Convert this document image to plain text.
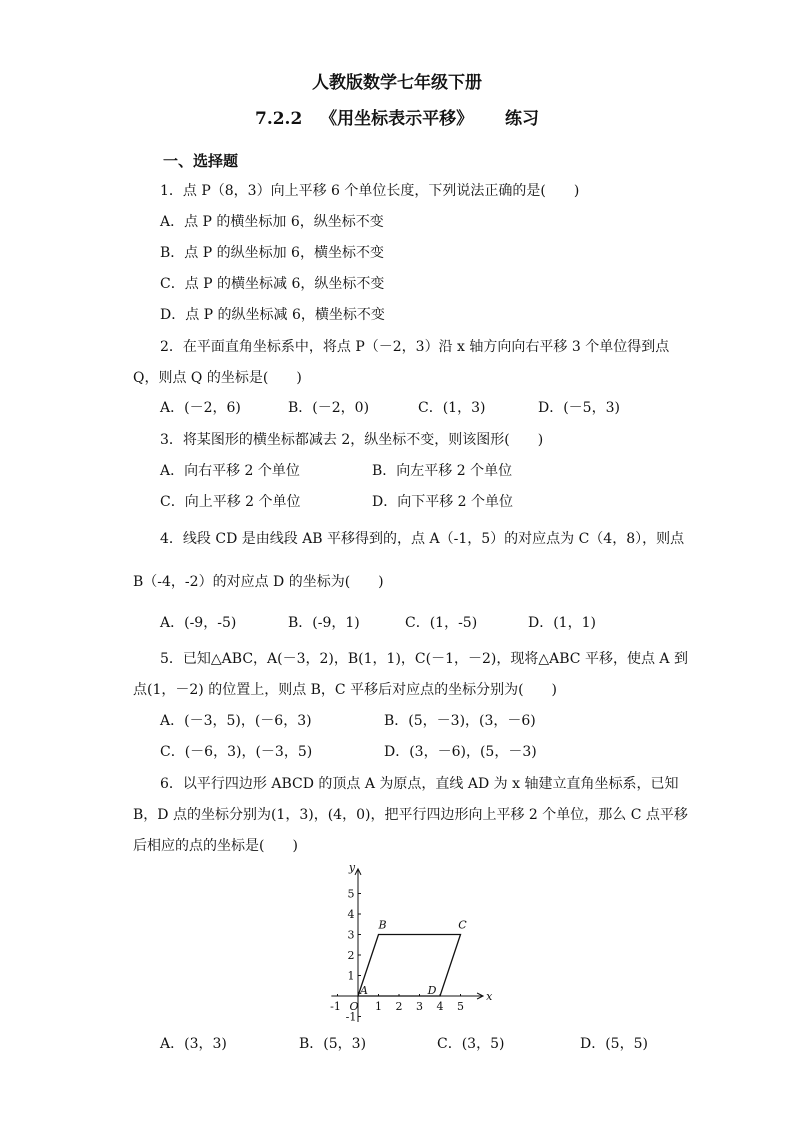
人教版数学七年级下册
7.2.2 《用坐标表示平移》 练习
一、选择题
1．点 P（8，3）向上平移 6 个单位长度，下列说法正确的是(　　)
A．点 P 的横坐标加 6，纵坐标不变
B．点 P 的纵坐标加 6，横坐标不变
C．点 P 的横坐标减 6，纵坐标不变
D．点 P 的纵坐标减 6，横坐标不变
2．在平面直角坐标系中，将点 P（－2，3）沿 x 轴方向向右平移 3 个单位得到点
Q，则点 Q 的坐标是(　　)
A．(－2，6)	B．(－2，0)	C．(1，3)	D．(－5，3)
3．将某图形的横坐标都减去 2，纵坐标不变，则该图形(　　)
A．向右平移 2 个单位	B．向左平移 2 个单位
C．向上平移 2 个单位	D．向下平移 2 个单位
4．线段 CD 是由线段 AB 平移得到的，点 A（-1，5）的对应点为 C（4，8），则点
B（-4，-2）的对应点 D 的坐标为(　　)
A．(-9，-5)	B．(-9，1)	C．(1，-5)	D．(1，1)
5．已知△ABC，A(－3，2)，B(1，1)，C(－1，－2)，现将△ABC 平移，使点 A 到
点(1，－2) 的位置上，则点 B，C 平移后对应点的坐标分别为(　　)
A．(－3，5)，(－6，3)	B．(5，－3)，(3，－6)
C．(－6，3)，(－3，5)	D．(3，－6)，(5，－3)
6．以平行四边形 ABCD 的顶点 A 为原点，直线 AD 为 x 轴建立直角坐标系，已知
B，D 点的坐标分别为(1，3)，(4，0)，把平行四边形向上平移 2 个单位，那么 C 点平移
后相应的点的坐标是(　　)
x
y
-1	1 2 3 4 5
-1
1
2
3
4
5
O
A
B	C
D
A．(3，3)	B．(5，3)	C．(3，5)	D．(5，5)
